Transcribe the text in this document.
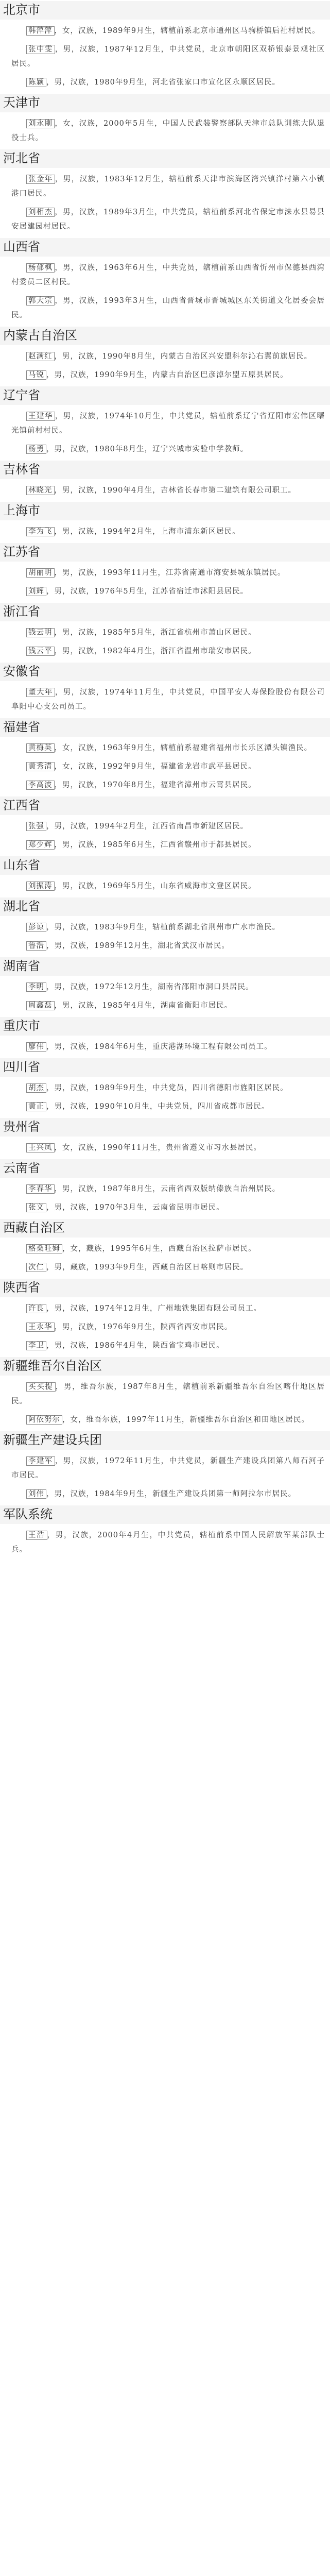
北京市

韩萍萍 ，女，汉族，1989年9月生，辖植前系北京市通州区马驹桥镇后社村居民。

张中雯 ，男，汉族，1987年12月生，中共党员，北京市朝阳区双桥银泰景观社区居民。

陈颖 ，男，汉族，1980年9月生，河北省张家口市宣化区永顺区居民。

天津市

刘永刚 ，女，汉族，2000年5月生，中国人民武装警察部队天津市总队训练大队退役士兵。

河北省

张金年 ，男，汉族，1983年12月生，辖植前系天津市滨海区湾兴镇洋村第六小镇港口居民。

刘相杰 ，男，汉族，1989年3月生，中共党员，辖植前系河北省保定市涞水县易县安居建园村居民。

山西省

杨郁枫 ，男，汉族，1963年6月生，中共党员，辖植前系山西省忻州市保德县西湾村委员二区村民。

郭大宗 ，男，汉族，1993年3月生，山西省晋城市晋城城区东关街道文化居委会居民。

内蒙古自治区

赵满红 ，男，汉族，1990年8月生，内蒙古自治区兴安盟科尔沁右翼前旗居民。

马锐 ，男，汉族，1990年9月生，内蒙古自治区巴彦淖尔盟五原县居民。

辽宁省

王建华 ，男，汉族，1974年10月生，中共党员，辖植前系辽宁省辽阳市宏伟区曙光镇前村村民。

杨勇 ，男，汉族，1980年8月生，辽宁兴城市实验中学教师。

吉林省

林晓光 ，男，汉族，1990年4月生，吉林省长春市第二建筑有限公司职工。

上海市

李为飞 ，男，汉族，1994年2月生，上海市浦东新区居民。

江苏省

胡丽明 ，男，汉族，1993年11月生，江苏省南通市海安县城东镇居民。

刘辉 ，男，汉族，1976年5月生，江苏省宿迁市沭阳县居民。

浙江省

钱云明 ，男，汉族，1985年5月生，浙江省杭州市萧山区居民。

钱云平 ，男，汉族，1982年4月生，浙江省温州市瑞安市居民。

安徽省

董大年 ，男，汉族，1974年11月生，中共党员，中国平安人寿保险股份有限公司阜阳中心支公司员工。

福建省

黄梅英 ，女，汉族，1963年9月生，辖植前系福建省福州市长乐区潭头镇渔民。

黄秀清 ，女，汉族，1992年9月生，福建省龙岩市武平县居民。

李高波 ，男，汉族，1970年8月生，福建省漳州市云霄县居民。

江西省

张强 ，男，汉族，1994年2月生，江西省南昌市新建区居民。

郑少辉 ，男，汉族，1985年6月生，江西省赣州市于都县居民。

山东省

刘振涛 ，男，汉族，1969年5月生，山东省威海市文登区居民。

湖北省

彭谅 ，男，汉族，1983年9月生，辖植前系湖北省荆州市广水市渔民。

鲁浩 ，男，汉族，1989年12月生，湖北省武汉市居民。

湖南省

李明 ，男，汉族，1972年12月生，湖南省邵阳市洞口县居民。

周鑫磊 ，男，汉族，1985年4月生，湖南省衡阳市居民。

重庆市

廖伟 ，男，汉族，1984年6月生，重庆港湖环境工程有限公司员工。

四川省

胡杰 ，男，汉族，1989年9月生，中共党员，四川省德阳市旌阳区居民。

黄正 ，男，汉族，1990年10月生，中共党员，四川省成都市居民。

贵州省

王兴凤 ，女，汉族，1990年11月生，贵州省遵义市习水县居民。

云南省

李春华 ，男，汉族，1987年8月生，云南省西双版纳傣族自治州居民。

张义 ，男，汉族，1970年3月生，云南省昆明市居民。

西藏自治区

格桑旺姆 ，女，藏族，1995年6月生，西藏自治区拉萨市居民。

次仁 ，男，藏族，1993年9月生，西藏自治区日喀则市居民。

陕西省

许良 ，男，汉族，1974年12月生，广州地铁集团有限公司员工。

王永华 ，男，汉族，1976年9月生，陕西省西安市居民。

李卫 ，男，汉族，1986年4月生，陕西省宝鸡市居民。

新疆维吾尔自治区

买买提 ，男，维吾尔族，1987年8月生，辖植前系新疆维吾尔自治区喀什地区居民。

阿依努尔 ，女，维吾尔族，1997年11月生，新疆维吾尔自治区和田地区居民。

新疆生产建设兵团

李建军 ，男，汉族，1972年11月生，中共党员，新疆生产建设兵团第八师石河子市居民。

刘伟 ，男，汉族，1984年9月生，新疆生产建设兵团第一师阿拉尔市居民。

军队系统

王浩 ，男，汉族，2000年4月生，中共党员，辖植前系中国人民解放军某部队士兵。
